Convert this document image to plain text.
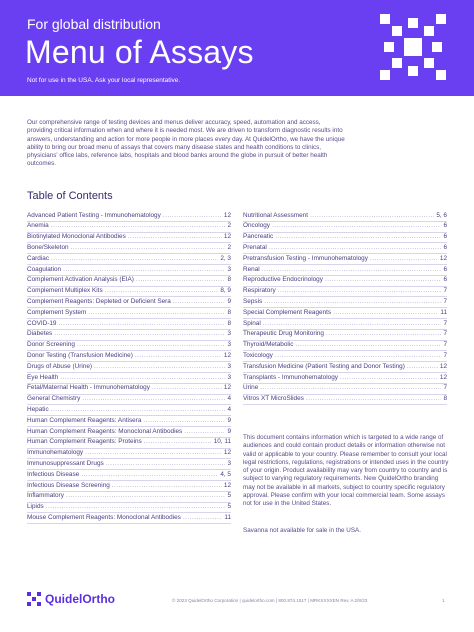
For global distribution
Menu of Assays
Not for use in the USA. Ask your local representative.

Our comprehensive range of testing devices and menus deliver accuracy, speed, automation and access, providing critical information when and where it is needed most. We are driven to transform diagnostic results into answers, understanding and action for more people in more places every day. At QuidelOrtho, we have the unique ability to bring our broad menu of assays that covers many disease states and health conditions to clinics, physicians' office labs, reference labs, hospitals and blood banks around the globe in pursuit of better health outcomes.

Table of Contents
Advanced Patient Testing - Immunohematology .....	12
Anemia .....	2
Biotinylated Monoclonal Antibodies .....	12
Bone/Skeleton .....	2
Cardiac .....	2, 3
Coagulation .....	3
Complement Activation Analysis (EIA) .....	8
Complement Multiplex Kits .....	8, 9
Complement Reagents: Depleted or Deficient Sera .....	9
Complement System .....	8
COVID-19 .....	8
Diabetes .....	3
Donor Screening .....	3
Donor Testing (Transfusion Medicine) .....	12
Drugs of Abuse (Urine) .....	3
Eye Health .....	3
Fetal/Maternal Health - Immunohematology .....	12
General Chemistry .....	4
Hepatic .....	4
Human Complement Reagents: Antisera .....	9
Human Complement Reagents: Monoclonal Antibodies .....	9
Human Complement Reagents: Proteins .....	10, 11
Immunohematology .....	12
Immunosuppressant Drugs .....	3
Infectious Disease .....	4, 5
Infectious Disease Screening .....	12
Inflammatory .....	5
Lipids .....	5
Mouse Complement Reagents: Monoclonal Antibodies .....	11
Nutritional Assessment .....	5, 6
Oncology .....	6
Pancreatic .....	6
Prenatal .....	6
Pretransfusion Testing - Immunohematology .....	12
Renal .....	6
Reproductive Endocrinology .....	6
Respiratory .....	7
Sepsis .....	7
Special Complement Reagents .....	11
Spinal .....	7
Therapeutic Drug Monitoring .....	7
Thyroid/Metabolic .....	7
Toxicology .....	7
Transfusion Medicine (Patient Testing and Donor Testing) .....	12
Transplants - Immunohematology .....	12
Urine .....	7
Vitros XT MicroSlides .....	8

This document contains information which is targeted to a wide range of audiences and could contain product details or information otherwise not valid or applicable to your country. Please remember to consult your local legal restrictions, regulations, registrations or intended uses in the country of your origin. Product availability may vary from country to country and is subject to varying regulatory requirements. New QuidelOrtho branding may not be available in all markets, subject to country specific regulatory approval. Please confirm with your local commercial team. Some assays not for use in the United States.

Savanna not available for sale in the USA.

QuidelOrtho	© 2023 QuidelOrtho Corporation | quidelortho.com | 800.874.1517 | MRKXXXXEN Rev. A 2/8/23	1
